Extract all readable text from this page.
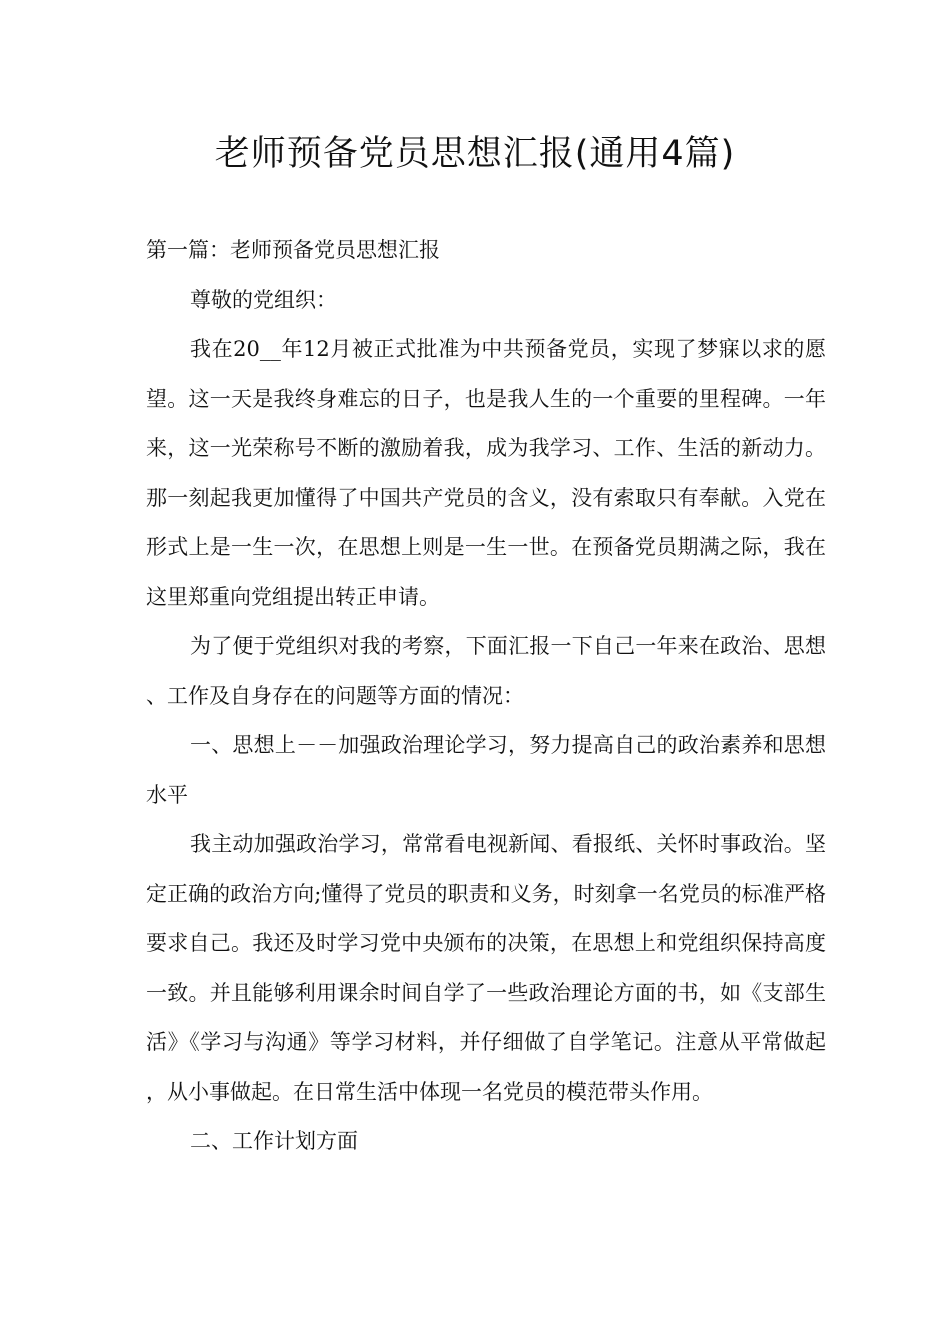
老师预备党员思想汇报(通用4篇)

第一篇：老师预备党员思想汇报

尊敬的党组织：

我在20__年12月被正式批准为中共预备党员，实现了梦寐以求的愿望。这一天是我终身难忘的日子，也是我人生的一个重要的里程碑。一年来，这一光荣称号不断的激励着我，成为我学习、工作、生活的新动力。那一刻起我更加懂得了中国共产党员的含义，没有索取只有奉献。入党在形式上是一生一次，在思想上则是一生一世。在预备党员期满之际，我在这里郑重向党组提出转正申请。

为了便于党组织对我的考察，下面汇报一下自己一年来在政治、思想、工作及自身存在的问题等方面的情况：

一、思想上－－加强政治理论学习，努力提高自己的政治素养和思想水平

我主动加强政治学习，常常看电视新闻、看报纸、关怀时事政治。坚定正确的政治方向;懂得了党员的职责和义务，时刻拿一名党员的标准严格要求自己。我还及时学习党中央颁布的决策，在思想上和党组织保持高度一致。并且能够利用课余时间自学了一些政治理论方面的书，如《支部生活》《学习与沟通》等学习材料，并仔细做了自学笔记。注意从平常做起，从小事做起。在日常生活中体现一名党员的模范带头作用。

二、工作计划方面
